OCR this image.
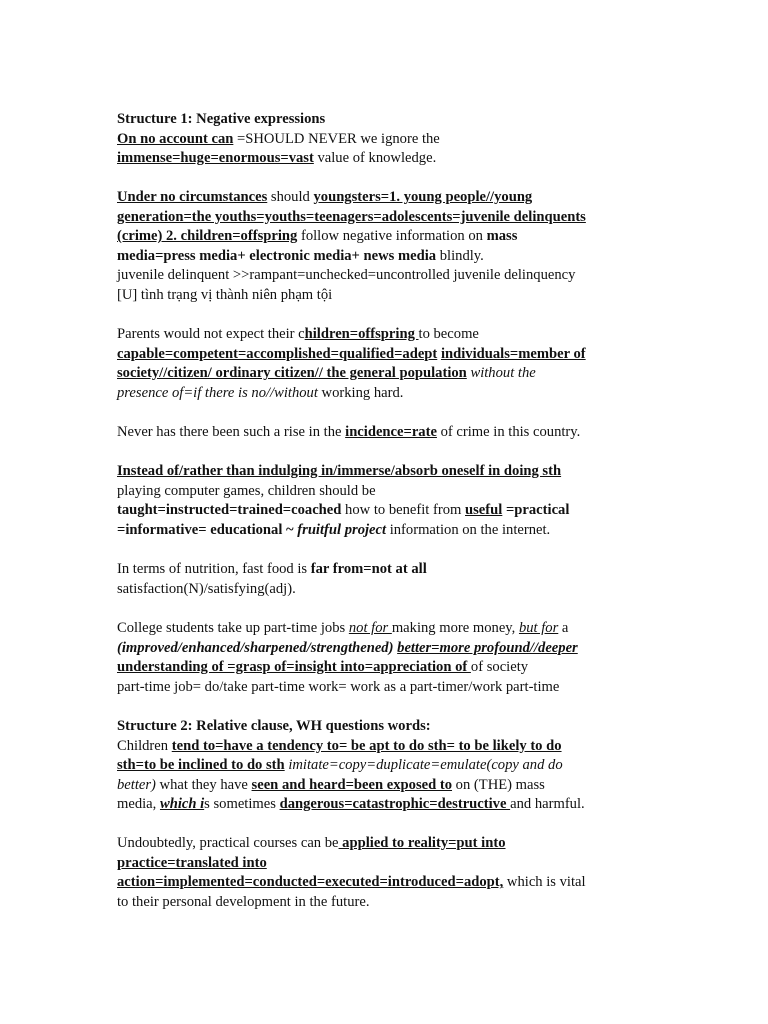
Structure 1: Negative expressions
On no account can =SHOULD NEVER we ignore the
immense=huge=enormous=vast value of knowledge.
Under no circumstances should youngsters=1. young people//young
generation=the youths=youths=teenagers=adolescents=juvenile delinquents
(crime) 2. children=offspring follow negative information on mass
media=press media+ electronic media+ news media blindly.
juvenile delinquent >>rampant=unchecked=uncontrolled juvenile delinquency
[U] tình trạng vị thành niên phạm tội
Parents would not expect their children=offspring to become
capable=competent=accomplished=qualified=adept individuals=member of
society//citizen/ ordinary citizen// the general population without the
presence of=if there is no//without working hard.
Never has there been such a rise in the incidence=rate of crime in this country.
Instead of/rather than indulging in/immerse/absorb oneself in doing sth
playing computer games, children should be
taught=instructed=trained=coached how to benefit from useful =practical
=informative= educational ~ fruitful project information on the internet.
In terms of nutrition, fast food is far from=not at all
satisfaction(N)/satisfying(adj).
College students take up part-time jobs not for making more money, but for a
(improved/enhanced/sharpened/strengthened) better=more profound//deeper
understanding of =grasp of=insight into=appreciation of of society
part-time job= do/take part-time work= work as a part-timer/work part-time
Structure 2: Relative clause, WH questions words:
Children tend to=have a tendency to= be apt to do sth= to be likely to do
sth=to be inclined to do sth imitate=copy=duplicate=emulate(copy and do
better) what they have seen and heard=been exposed to on (THE) mass
media, which is sometimes dangerous=catastrophic=destructive and harmful.
Undoubtedly, practical courses can be applied to reality=put into
practice=translated into
action=implemented=conducted=executed=introduced=adopt, which is vital
to their personal development in the future.
